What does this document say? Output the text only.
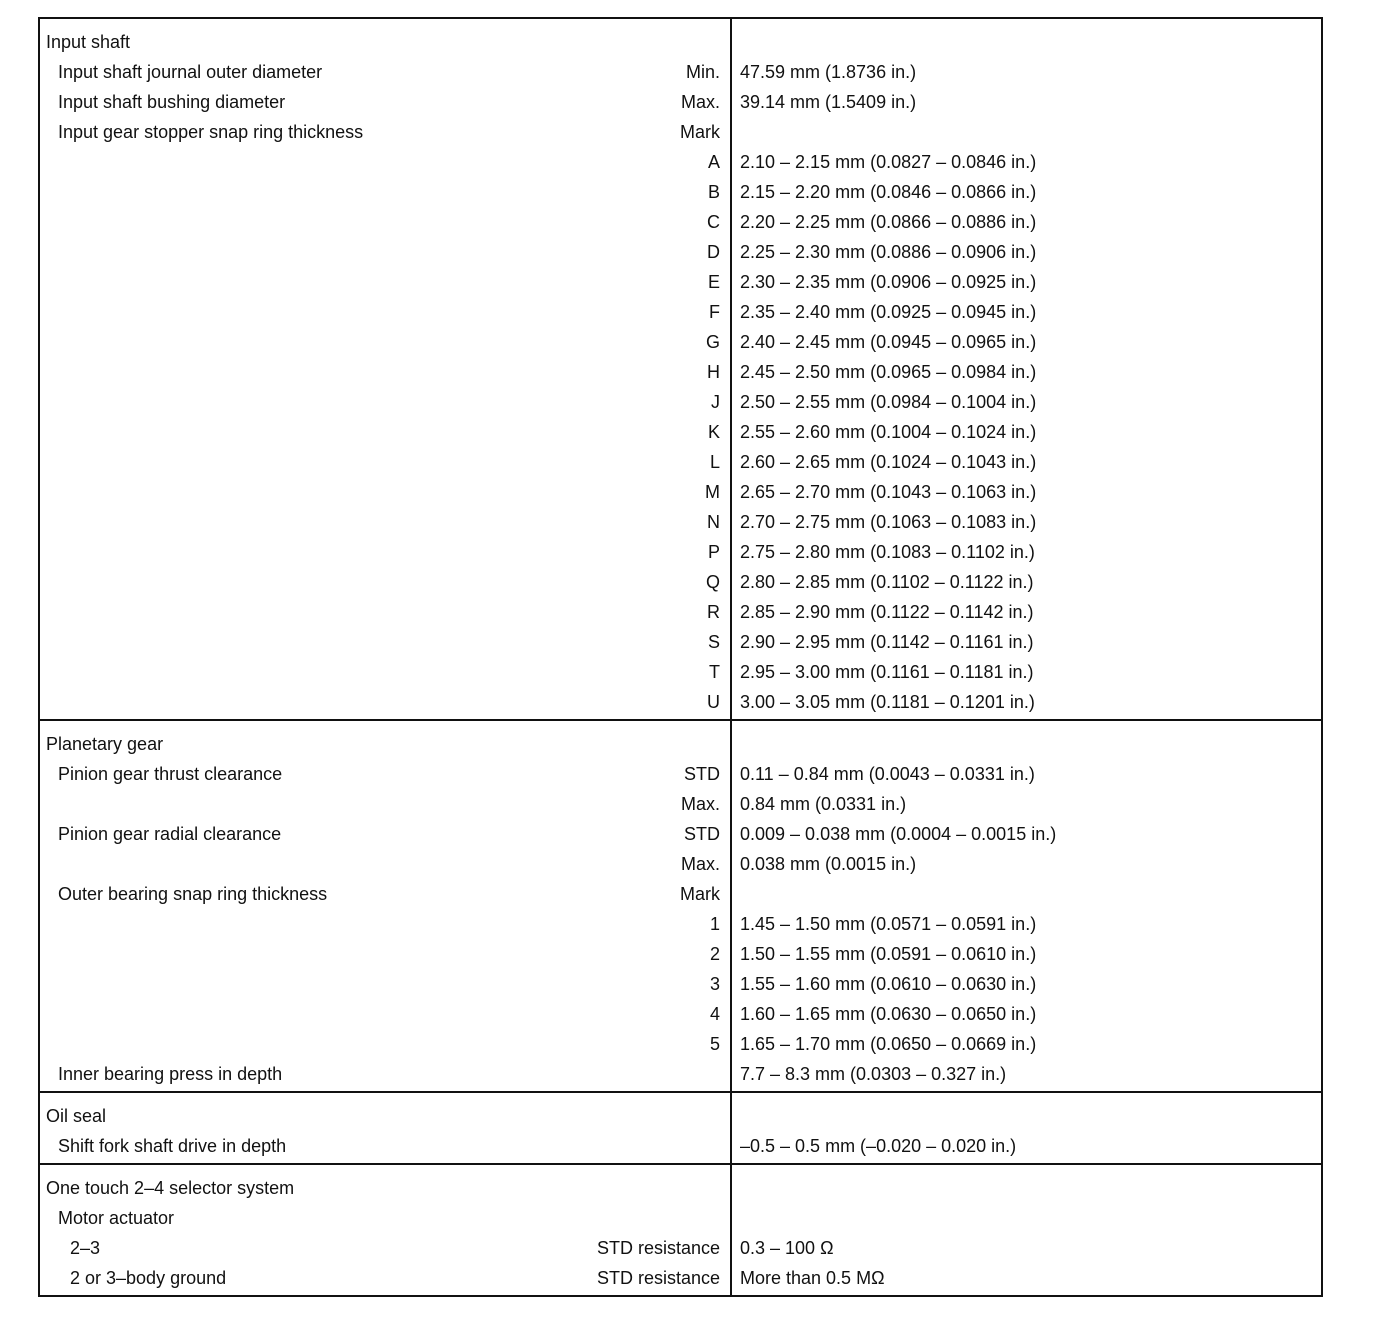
Input shaft
Input shaft journal outer diameter	Min.	47.59 mm (1.8736 in.)
Input shaft bushing diameter	Max.	39.14 mm (1.5409 in.)
Input gear stopper snap ring thickness	Mark
A	2.10 – 2.15 mm (0.0827 – 0.0846 in.)
B	2.15 – 2.20 mm (0.0846 – 0.0866 in.)
C	2.20 – 2.25 mm (0.0866 – 0.0886 in.)
D	2.25 – 2.30 mm (0.0886 – 0.0906 in.)
E	2.30 – 2.35 mm (0.0906 – 0.0925 in.)
F	2.35 – 2.40 mm (0.0925 – 0.0945 in.)
G	2.40 – 2.45 mm (0.0945 – 0.0965 in.)
H	2.45 – 2.50 mm (0.0965 – 0.0984 in.)
J	2.50 – 2.55 mm (0.0984 – 0.1004 in.)
K	2.55 – 2.60 mm (0.1004 – 0.1024 in.)
L	2.60 – 2.65 mm (0.1024 – 0.1043 in.)
M	2.65 – 2.70 mm (0.1043 – 0.1063 in.)
N	2.70 – 2.75 mm (0.1063 – 0.1083 in.)
P	2.75 – 2.80 mm (0.1083 – 0.1102 in.)
Q	2.80 – 2.85 mm (0.1102 – 0.1122 in.)
R	2.85 – 2.90 mm (0.1122 – 0.1142 in.)
S	2.90 – 2.95 mm (0.1142 – 0.1161 in.)
T	2.95 – 3.00 mm (0.1161 – 0.1181 in.)
U	3.00 – 3.05 mm (0.1181 – 0.1201 in.)
Planetary gear
Pinion gear thrust clearance	STD	0.11 – 0.84 mm (0.0043 – 0.0331 in.)
Max.	0.84 mm (0.0331 in.)
Pinion gear radial clearance	STD	0.009 – 0.038 mm (0.0004 – 0.0015 in.)
Max.	0.038 mm (0.0015 in.)
Outer bearing snap ring thickness	Mark
1	1.45 – 1.50 mm (0.0571 – 0.0591 in.)
2	1.50 – 1.55 mm (0.0591 – 0.0610 in.)
3	1.55 – 1.60 mm (0.0610 – 0.0630 in.)
4	1.60 – 1.65 mm (0.0630 – 0.0650 in.)
5	1.65 – 1.70 mm (0.0650 – 0.0669 in.)
Inner bearing press in depth	7.7 – 8.3 mm (0.0303 – 0.327 in.)
Oil seal
Shift fork shaft drive in depth	–0.5 – 0.5 mm (–0.020 – 0.020 in.)
One touch 2–4 selector system
Motor actuator
2–3	STD resistance	0.3 – 100 Ω
2 or 3–body ground	STD resistance	More than 0.5 MΩ
